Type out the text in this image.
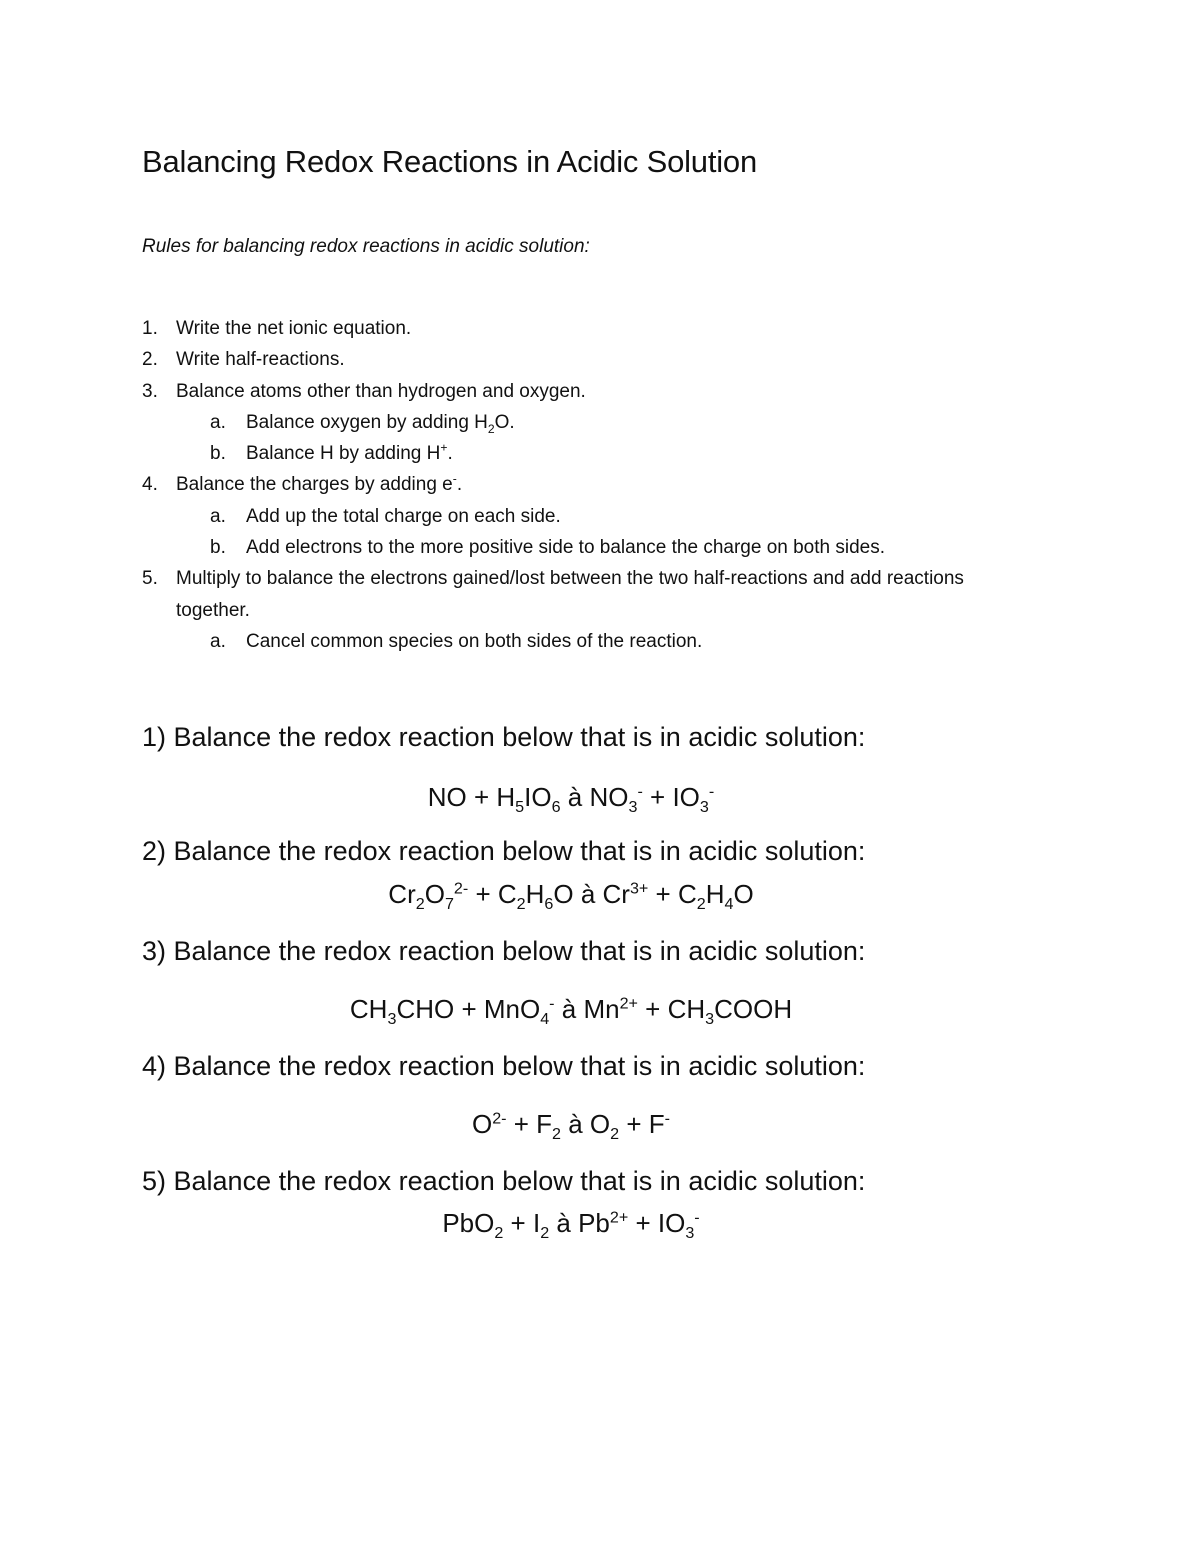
Balancing Redox Reactions in Acidic Solution
Rules for balancing redox reactions in acidic solution:
1. Write the net ionic equation.
2. Write half-reactions.
3. Balance atoms other than hydrogen and oxygen.
a. Balance oxygen by adding $H_2O$.
b. Balance H by adding H+.
4. Balance the charges by adding e-.
a. Add up the total charge on each side.
b. Add electrons to the more positive side to balance the charge on both sides.
5. Multiply to balance the electrons gained/lost between the two half-reactions and add reactions together.
a. Cancel common species on both sides of the reaction.
1) Balance the redox reaction below that is in acidic solution:
NO + $H_5IO_6$ à $NO_3^- + IO_3^-$
2) Balance the redox reaction below that is in acidic solution:
$Cr_2O_7^{2-} + C_2H_6O$ à $Cr^{3+} + C_2H_4O$
3) Balance the redox reaction below that is in acidic solution:
$CH_3CHO + MnO_4^-$ à $Mn^{2+}$ + $CH_3COOH$
4) Balance the redox reaction below that is in acidic solution:
$O^{2-} + F_2$ à $O_2 + F^-$
5) Balance the redox reaction below that is in acidic solution:
$PbO_2 + I_2$ à $Pb^{2+} + IO_3^-$
